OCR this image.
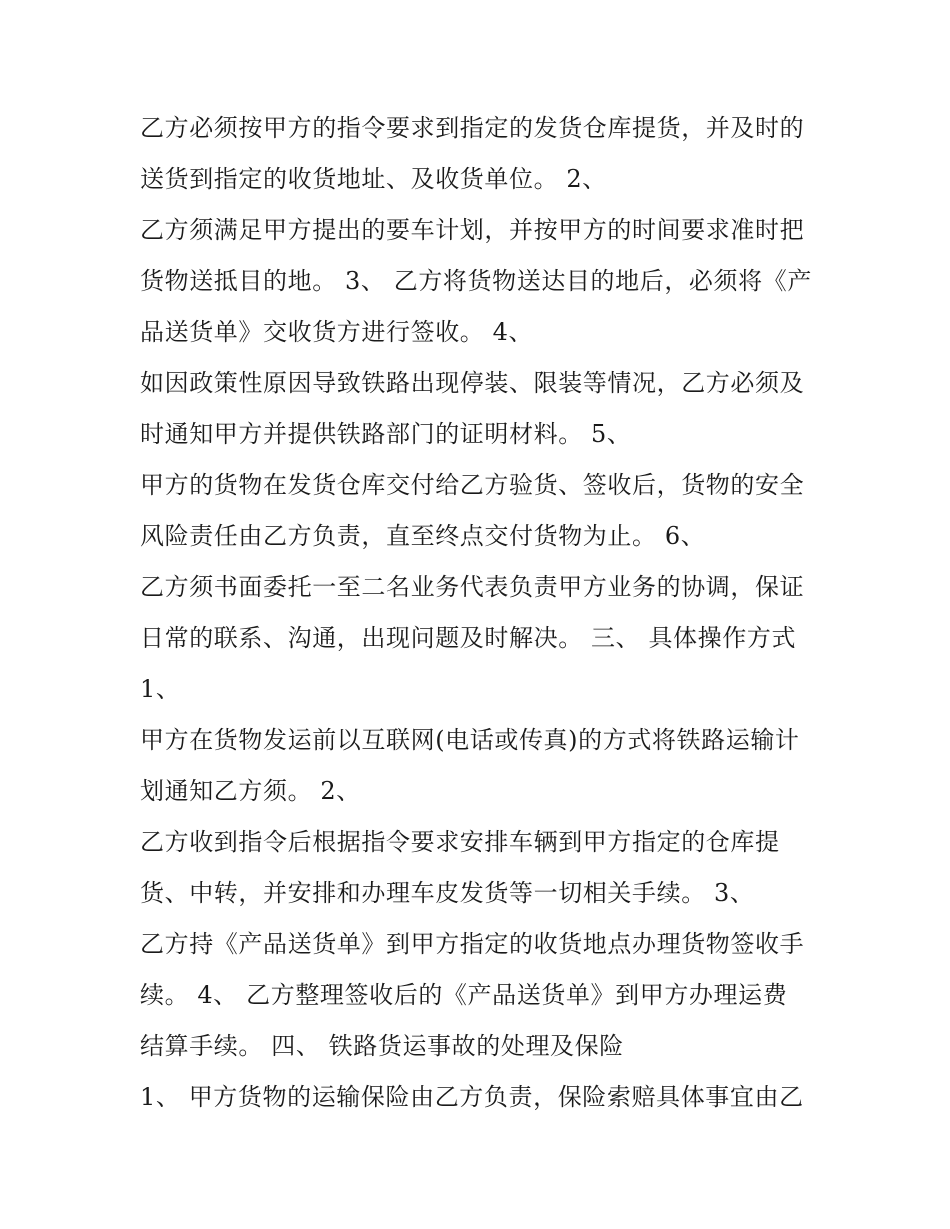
乙方必须按甲方的指令要求到指定的发货仓库提货，并及时的
送货到指定的收货地址、及收货单位。 2、
乙方须满足甲方提出的要车计划，并按甲方的时间要求准时把
货物送抵目的地。 3、 乙方将货物送达目的地后，必须将《产
品送货单》交收货方进行签收。 4、
如因政策性原因导致铁路出现停装、限装等情况，乙方必须及
时通知甲方并提供铁路部门的证明材料。 5、
甲方的货物在发货仓库交付给乙方验货、签收后，货物的安全
风险责任由乙方负责，直至终点交付货物为止。 6、
乙方须书面委托一至二名业务代表负责甲方业务的协调，保证
日常的联系、沟通，出现问题及时解决。 三、 具体操作方式
1、
甲方在货物发运前以互联网(电话或传真)的方式将铁路运输计
划通知乙方须。 2、
乙方收到指令后根据指令要求安排车辆到甲方指定的仓库提
货、中转，并安排和办理车皮发货等一切相关手续。 3、
乙方持《产品送货单》到甲方指定的收货地点办理货物签收手
续。 4、 乙方整理签收后的《产品送货单》到甲方办理运费
结算手续。 四、 铁路货运事故的处理及保险
1、 甲方货物的运输保险由乙方负责，保险索赔具体事宜由乙
